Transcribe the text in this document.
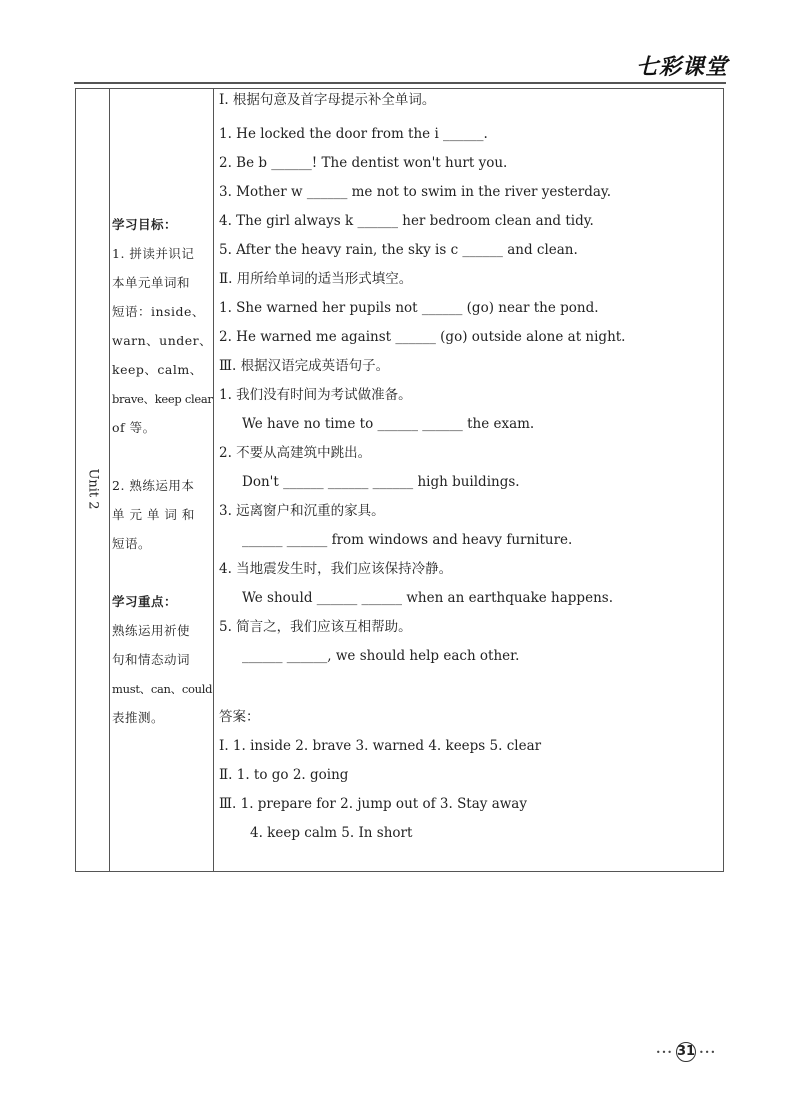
七彩课堂
Unit 2
学习目标：
1. 拼读并识记
本单元单词和
短语：inside、
warn、under、
keep、calm、
brave、keep clear
of 等。
2. 熟练运用本
单 元 单 词 和
短语。
学习重点：
熟练运用祈使
句和情态动词
must、can、could
表推测。
Ⅰ. 根据句意及首字母提示补全单词。
1. He locked the door from the i ______.
2. Be b ______! The dentist won't hurt you.
3. Mother w ______ me not to swim in the river yesterday.
4. The girl always k ______ her bedroom clean and tidy.
5. After the heavy rain, the sky is c ______ and clean.
Ⅱ. 用所给单词的适当形式填空。
1. She warned her pupils not ______ (go) near the pond.
2. He warned me against ______ (go) outside alone at night.
Ⅲ. 根据汉语完成英语句子。
1. 我们没有时间为考试做准备。
We have no time to ______ ______ the exam.
2. 不要从高建筑中跳出。
Don't ______ ______ ______ high buildings.
3. 远离窗户和沉重的家具。
______ ______ from windows and heavy furniture.
4. 当地震发生时，我们应该保持冷静。
We should ______ ______ when an earthquake happens.
5. 简言之，我们应该互相帮助。
______ ______, we should help each other.
答案：
Ⅰ. 1. inside 2. brave 3. warned 4. keeps 5. clear
Ⅱ. 1. to go 2. going
Ⅲ. 1. prepare for 2. jump out of 3. Stay away
4. keep calm 5. In short
••• 31 •••
